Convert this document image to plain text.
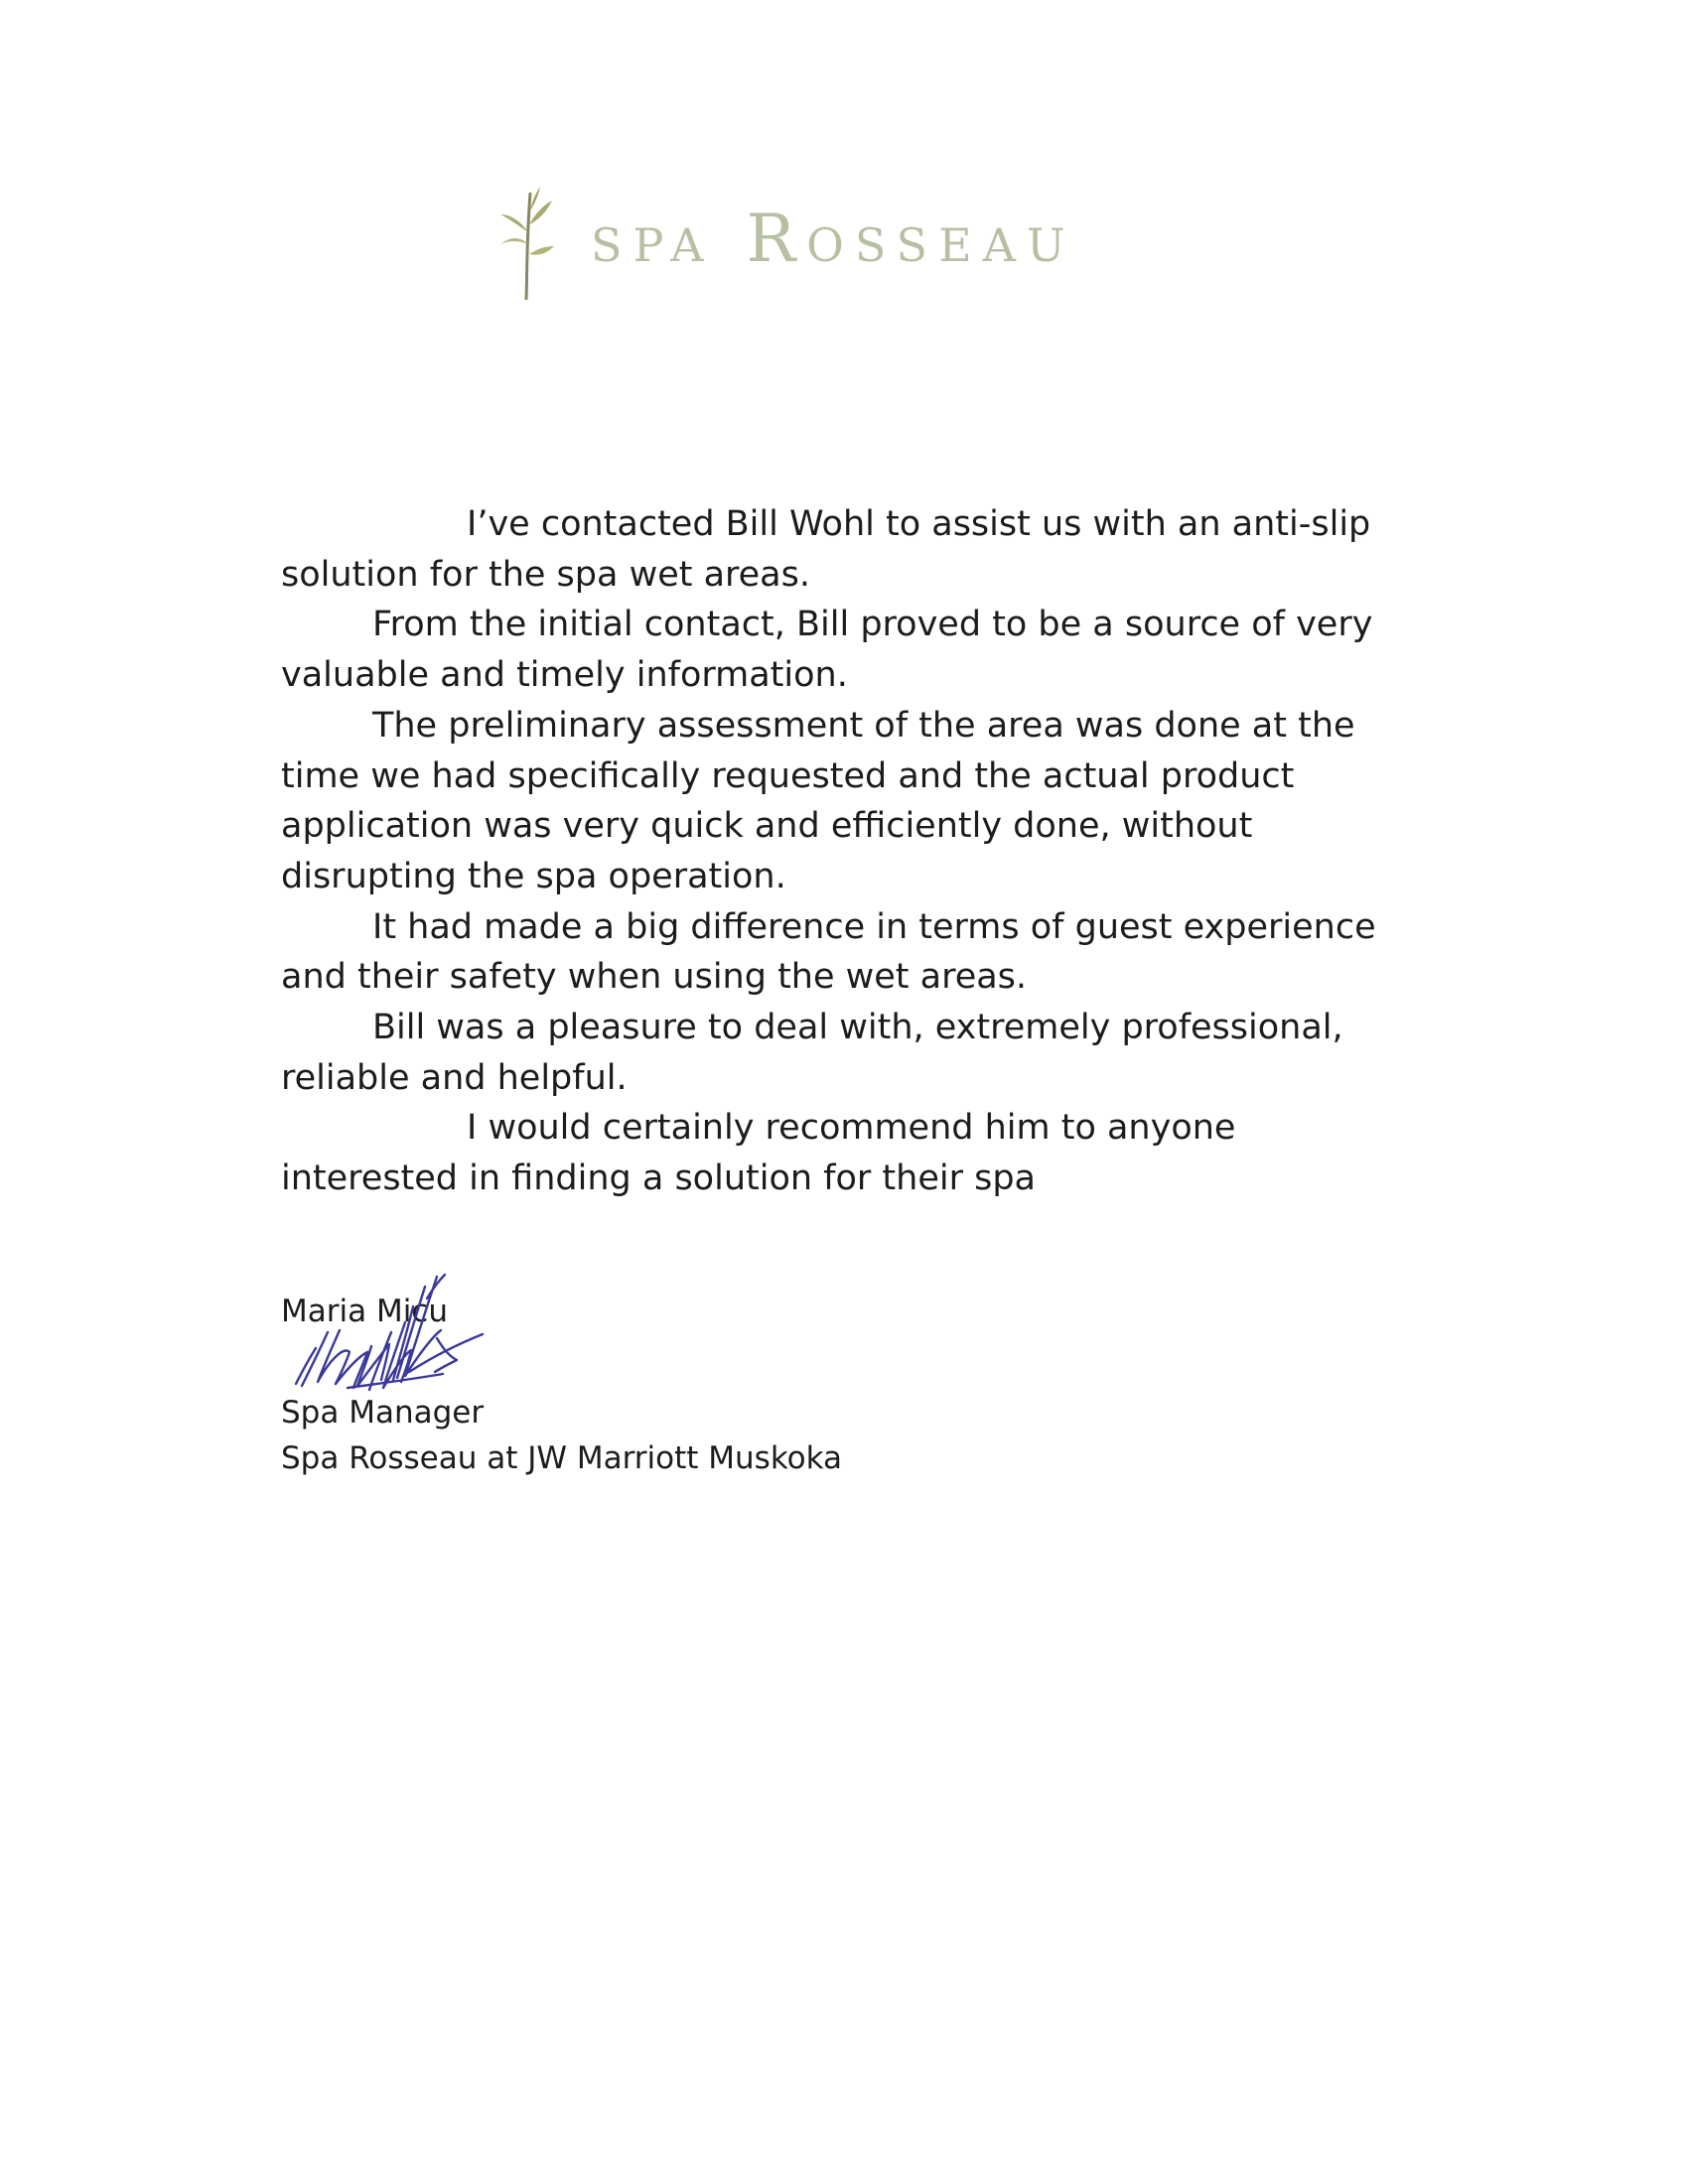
spa Rosseau

I’ve contacted Bill Wohl to assist us with an anti-slip solution for the spa wet areas.

From the initial contact, Bill proved to be a source of very valuable and timely information.

The preliminary assessment of the area was done at the time we had specifically requested and the actual product application was very quick and efficiently done, without disrupting the spa operation.

It had made a big difference in terms of guest experience and their safety when using the wet areas.

Bill was a pleasure to deal with, extremely professional, reliable and helpful.

I would certainly recommend him to anyone interested in finding a solution for their spa

Maria Micu
Spa Manager
Spa Rosseau at JW Marriott Muskoka
